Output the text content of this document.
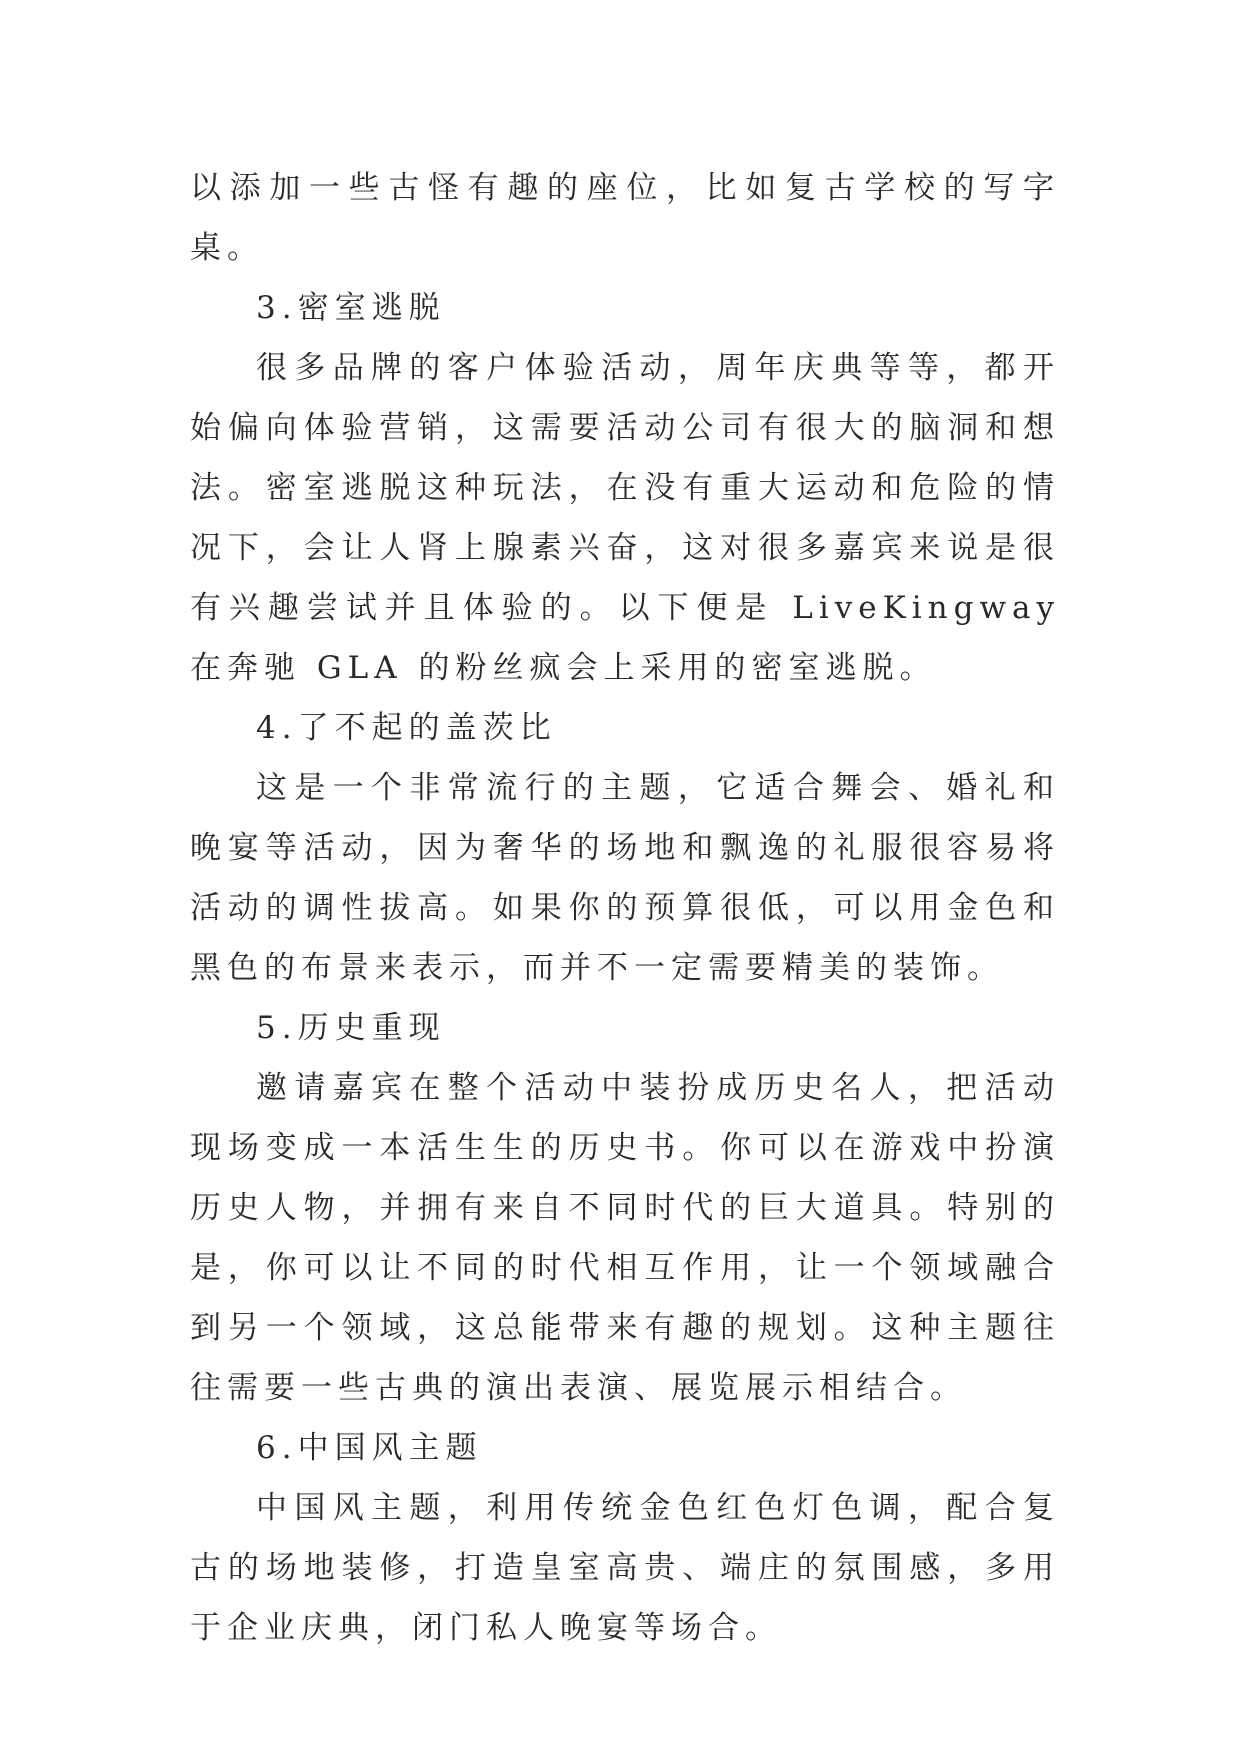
以添加一些古怪有趣的座位，比如复古学校的写字桌。

3.密室逃脱

很多品牌的客户体验活动，周年庆典等等，都开始偏向体验营销，这需要活动公司有很大的脑洞和想法。密室逃脱这种玩法，在没有重大运动和危险的情况下，会让人肾上腺素兴奋，这对很多嘉宾来说是很有兴趣尝试并且体验的。以下便是 LiveKingway 在奔驰 GLA 的粉丝疯会上采用的密室逃脱。

4.了不起的盖茨比

这是一个非常流行的主题，它适合舞会、婚礼和晚宴等活动，因为奢华的场地和飘逸的礼服很容易将活动的调性拔高。如果你的预算很低，可以用金色和黑色的布景来表示，而并不一定需要精美的装饰。

5.历史重现

邀请嘉宾在整个活动中装扮成历史名人，把活动现场变成一本活生生的历史书。你可以在游戏中扮演历史人物，并拥有来自不同时代的巨大道具。特别的是，你可以让不同的时代相互作用，让一个领域融合到另一个领域，这总能带来有趣的规划。这种主题往往需要一些古典的演出表演、展览展示相结合。

6.中国风主题

中国风主题，利用传统金色红色灯色调，配合复古的场地装修，打造皇室高贵、端庄的氛围感，多用于企业庆典，闭门私人晚宴等场合。
